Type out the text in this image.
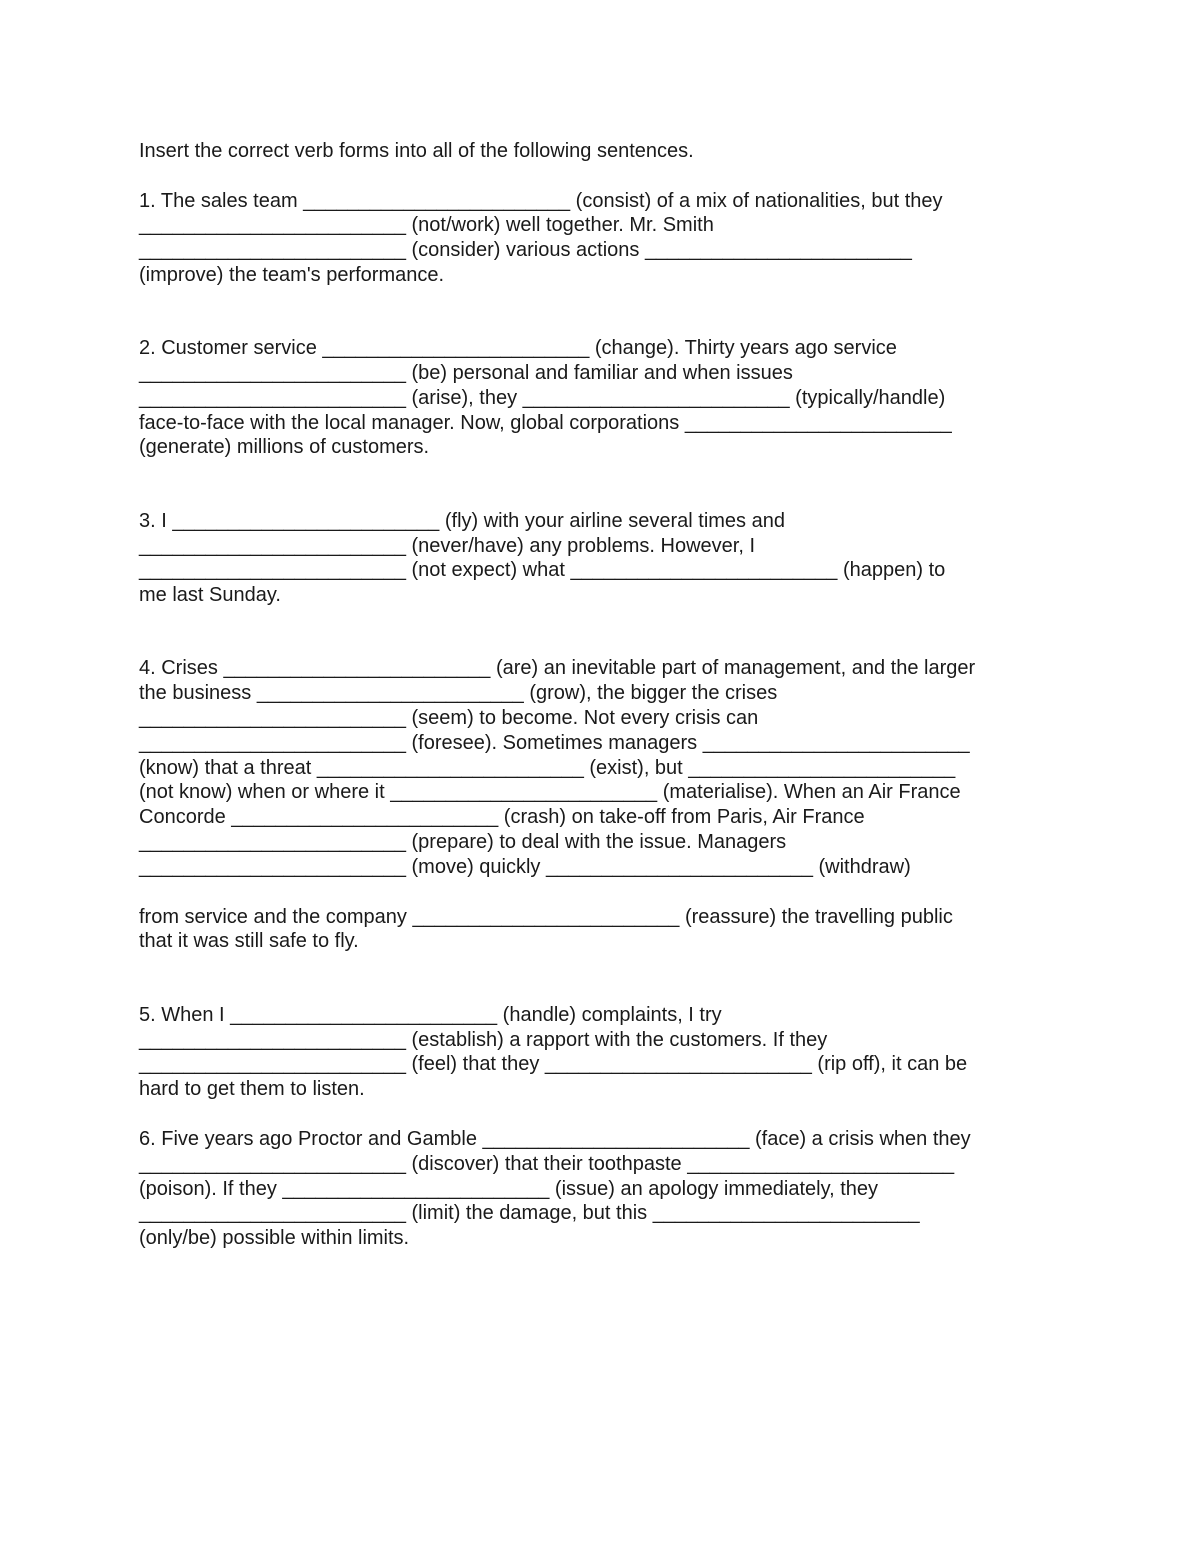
Insert the correct verb forms into all of the following sentences.
1. The sales team ________________________ (consist) of a mix of nationalities, but they
________________________ (not/work) well together. Mr. Smith
________________________ (consider) various actions ________________________
(improve) the team's performance.
2. Customer service ________________________ (change). Thirty years ago service
________________________ (be) personal and familiar and when issues
________________________ (arise), they ________________________ (typically/handle)
face-to-face with the local manager. Now, global corporations ________________________
(generate) millions of customers.
3. I ________________________ (fly) with your airline several times and
________________________ (never/have) any problems. However, I
________________________ (not expect) what ________________________ (happen) to
me last Sunday.
4. Crises ________________________ (are) an inevitable part of management, and the larger
the business ________________________ (grow), the bigger the crises
________________________ (seem) to become. Not every crisis can
________________________ (foresee). Sometimes managers ________________________
(know) that a threat ________________________ (exist), but ________________________
(not know) when or where it ________________________ (materialise). When an Air France
Concorde ________________________ (crash) on take-off from Paris, Air France
________________________ (prepare) to deal with the issue. Managers
________________________ (move) quickly ________________________ (withdraw)
from service and the company ________________________ (reassure) the travelling public
that it was still safe to fly.
5. When I ________________________ (handle) complaints, I try
________________________ (establish) a rapport with the customers. If they
________________________ (feel) that they ________________________ (rip off), it can be
hard to get them to listen.
6. Five years ago Proctor and Gamble ________________________ (face) a crisis when they
________________________ (discover) that their toothpaste ________________________
(poison). If they ________________________ (issue) an apology immediately, they
________________________ (limit) the damage, but this ________________________
(only/be) possible within limits.
